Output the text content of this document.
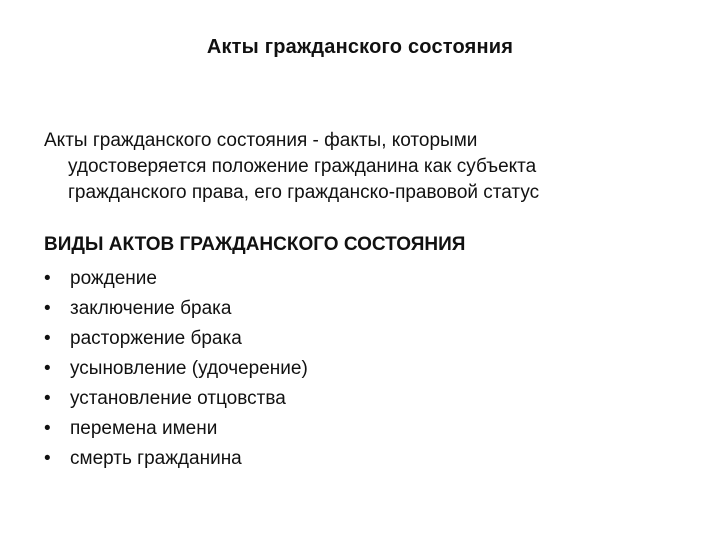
Акты гражданского состояния
Акты гражданского состояния - факты, которыми
удостоверяется положение гражданина как субъекта
гражданского права, его гражданско-правовой статус
ВИДЫ АКТОВ ГРАЖДАНСКОГО СОСТОЯНИЯ
• рождение
• заключение брака
• расторжение брака
• усыновление (удочерение)
• установление отцовства
• перемена имени
• смерть гражданина
